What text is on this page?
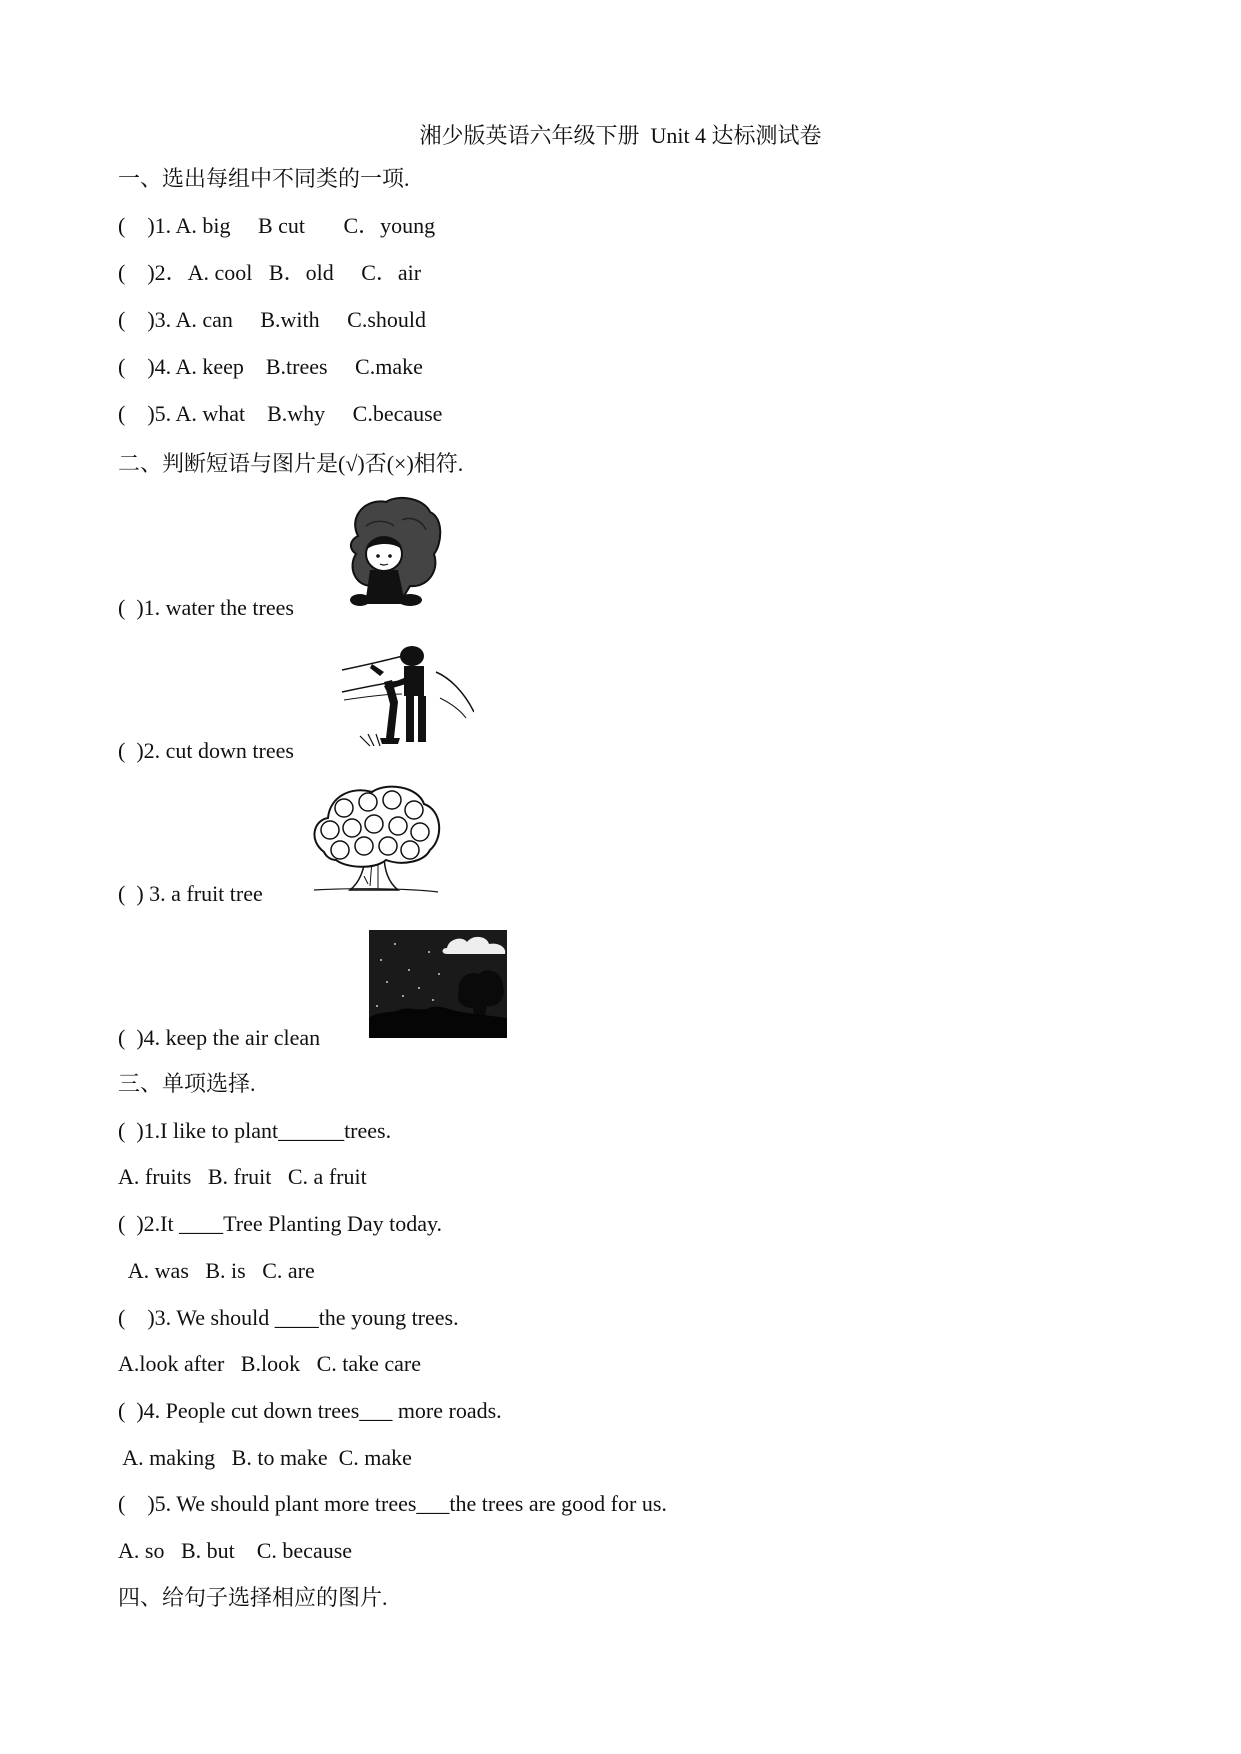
湘少版英语六年级下册  Unit 4 达标测试卷
一、选出每组中不同类的一项.
(    )1. A. big     B cut       C．young
(    )2．A. cool   B．old     C．air
(    )3. A. can     B.with     C.should
(    )4. A. keep    B.trees     C.make
(    )5. A. what    B.why     C.because
二、判断短语与图片是(√)否(×)相符.
(  )1. water the trees
(  )2. cut down trees
(  ) 3. a fruit tree
(  )4. keep the air clean
三、单项选择.
(  )1.I like to plant______trees.
A. fruits   B. fruit   C. a fruit
(  )2.It ____Tree Planting Day today.
A. was   B. is   C. are
(    )3. We should ____the young trees.
A.look after   B.look   C. take care
(  )4. People cut down trees___ more roads.
A. making   B. to make  C. make
(    )5. We should plant more trees___the trees are good for us.
A. so   B. but    C. because
四、给句子选择相应的图片.
